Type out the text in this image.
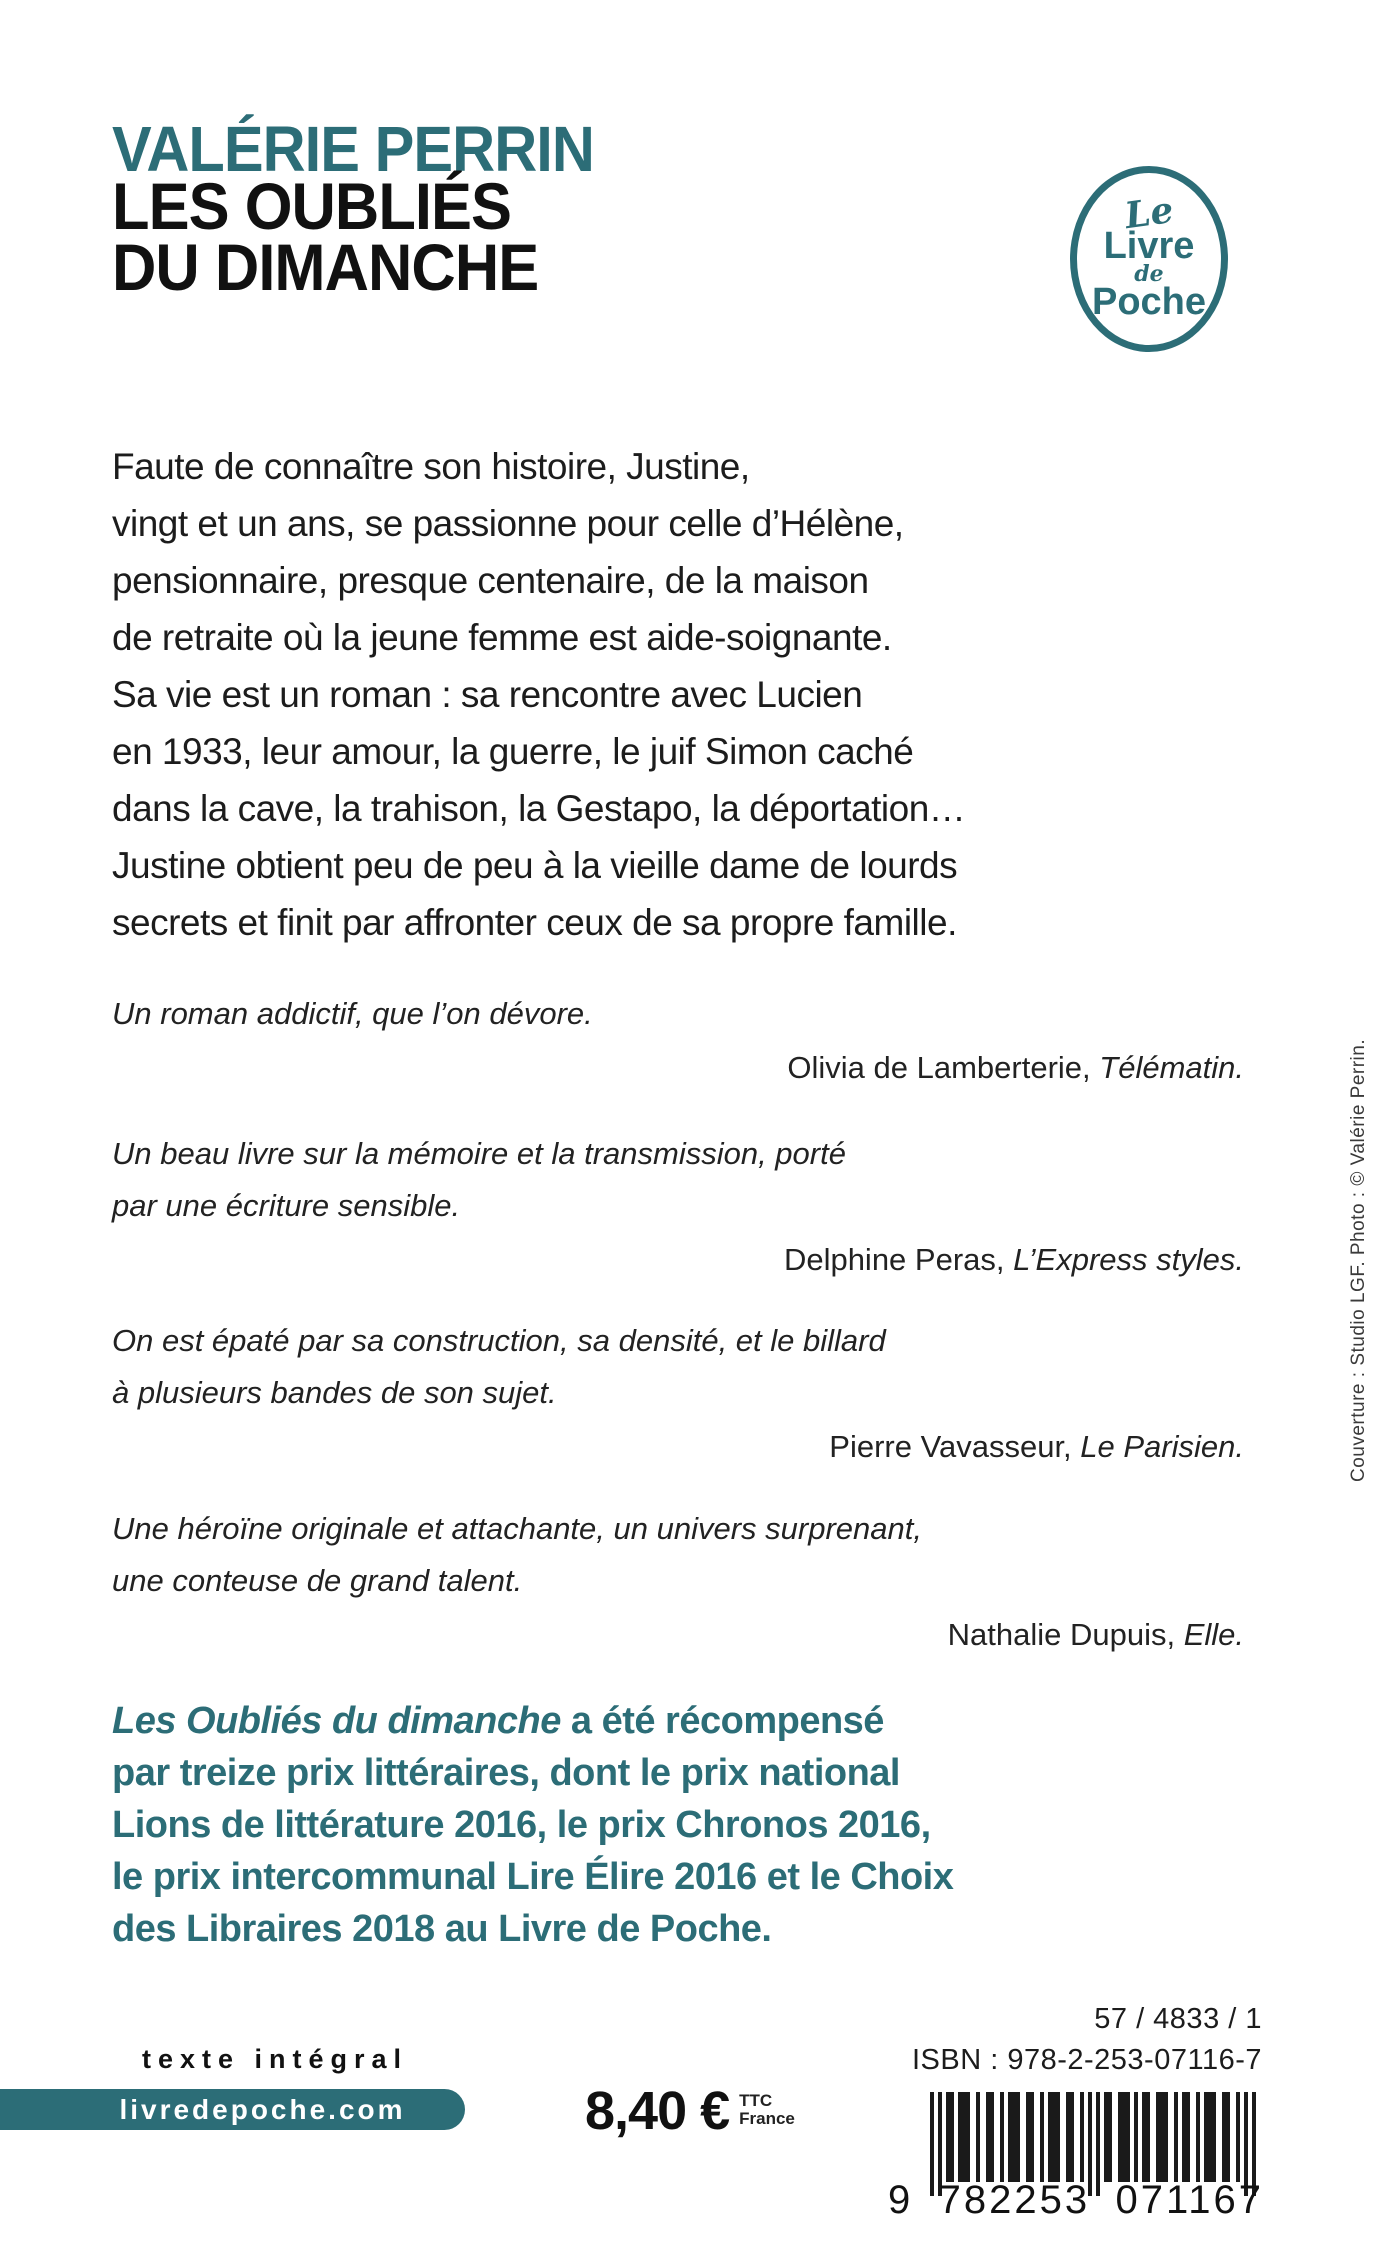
VALÉRIE PERRIN
LES OUBLIÉS
DU DIMANCHE
Le
Livre
de
Poche
Faute de connaître son histoire, Justine,
vingt et un ans, se passionne pour celle d’Hélène,
pensionnaire, presque centenaire, de la maison
de retraite où la jeune femme est aide-soignante.
Sa vie est un roman : sa rencontre avec Lucien
en 1933, leur amour, la guerre, le juif Simon caché
dans la cave, la trahison, la Gestapo, la déportation…
Justine obtient peu de peu à la vieille dame de lourds
secrets et finit par affronter ceux de sa propre famille.
Un roman addictif, que l’on dévore.
Olivia de Lamberterie, Télématin.
Un beau livre sur la mémoire et la transmission, porté
par une écriture sensible.
Delphine Peras, L’Express styles.
On est épaté par sa construction, sa densité, et le billard
à plusieurs bandes de son sujet.
Pierre Vavasseur, Le Parisien.
Une héroïne originale et attachante, un univers surprenant,
une conteuse de grand talent.
Nathalie Dupuis, Elle.
Les Oubliés du dimanche a été récompensé
par treize prix littéraires, dont le prix national
Lions de littérature 2016, le prix Chronos 2016,
le prix intercommunal Lire Élire 2016 et le Choix
des Libraires 2018 au Livre de Poche.
texte intégral
livredepoche.com	8,40 € TTC
France
57 / 4833 / 1
ISBN : 978-2-253-07116-7
9 782253 071167
Couverture : Studio LGF. Photo : © Valérie Perrin.
